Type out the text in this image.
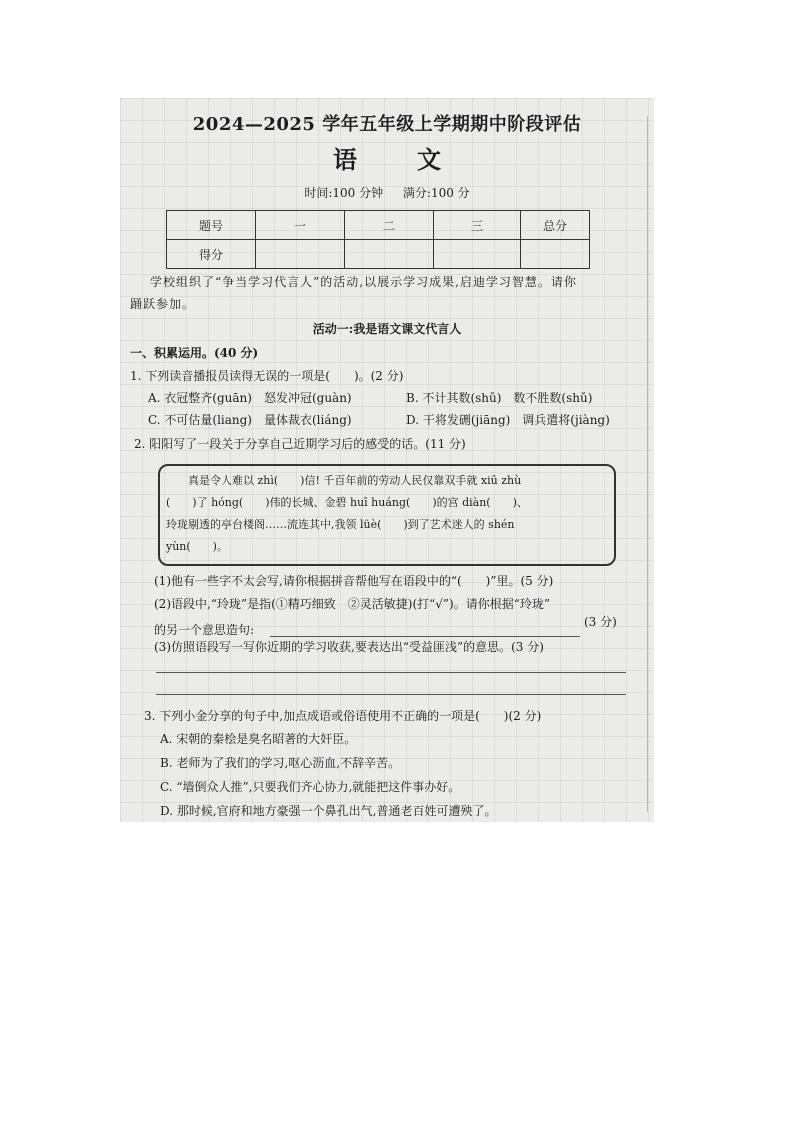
2024—2025 学年五年级上学期期中阶段评估
语文
时间:100 分钟 满分:100 分
题号	一	二	三	总分
得分				
学校组织了“争当学习代言人”的活动,以展示学习成果,启迪学习智慧。请你
踊跃参加。
活动一:我是语文课文代言人
一、积累运用。(40 分)
1. 下列读音播报员读得无误的一项是(　　)。(2 分)
A. 衣冠整齐(guān)　怒发冲冠(guàn)	B. 不计其数(shǔ)　数不胜数(shǔ)
C. 不可估量(liang)　量体裁衣(liáng)	D. 干将发硎(jiāng)　调兵遣将(jiàng)
2. 阳阳写了一段关于分享自己近期学习后的感受的话。(11 分)
真是令人难以 zhì(　　)信! 千百年前的劳动人民仅靠双手就 xiū zhù
(　　)了 hóng(　　)伟的长城、金碧 huī huáng(　　)的宫 diàn(　　)、
玲珑剔透的亭台楼阁……流连其中,我领 lüè(　　)到了艺术迷人的 shén
yùn(　　)。
(1)他有一些字不太会写,请你根据拼音帮他写在语段中的“(　　)”里。(5 分)
(2)语段中,“玲珑”是指(①精巧细致　②灵活敏捷)(打“√”)。请你根据“玲珑”
(3 分)
的另一个意思造句:
(3)仿照语段写一写你近期的学习收获,要表达出“受益匪浅”的意思。(3 分)
3. 下列小金分享的句子中,加点成语或俗语使用不正确的一项是(　　)(2 分)
A. 宋朝的秦桧是臭名昭著的大奸臣。
B. 老师为了我们的学习,呕心沥血,不辞辛苦。
C. “墙倒众人推”,只要我们齐心协力,就能把这件事办好。
D. 那时候,官府和地方豪强一个鼻孔出气,普通老百姓可遭殃了。
